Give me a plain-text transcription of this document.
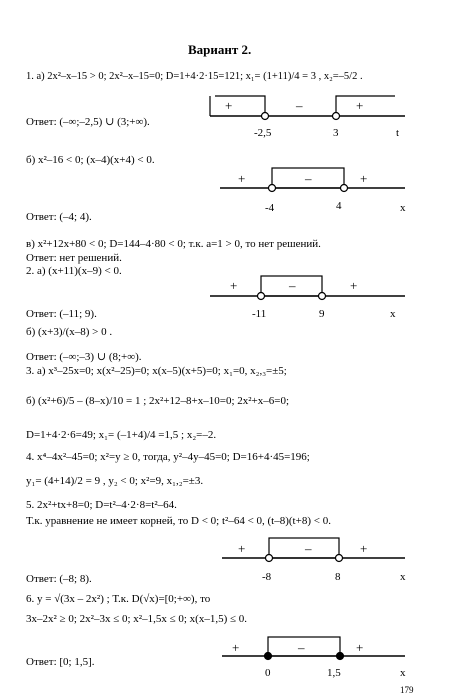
Вариант 2.
1. а) 2x²–x–15 > 0; 2x²–x–15=0; D=1+4·2·15=121; x₁= (1+11)/4 = 3 , x₂=–5/2 .
Ответ: (–∞;–2,5) ∪ (3;+∞).
+	–	+
-2,5	3	t
б) x²–16 < 0; (x–4)(x+4) < 0.
+	–	+
-4	4	x
Ответ: (–4; 4).
в) x²+12x+80 < 0; D=144–4·80 < 0; т.к. a=1 > 0, то нет решений.
Ответ: нет решений.
2. а) (x+11)(x–9) < 0.
+	–	+
-11	9	x
Ответ: (–11; 9).
б) (x+3)/(x–8) > 0 .
Ответ: (–∞;–3) ∪ (8;+∞).
3. а) x³–25x=0; x(x²–25)=0; x(x–5)(x+5)=0; x₁=0, x₂,₃=±5;
б) (x²+6)/5 – (8–x)/10 = 1 ; 2x²+12–8+x–10=0; 2x²+x–6=0;
D=1+4·2·6=49; x₁= (–1+4)/4 =1,5 ; x₂=–2.
4. x⁴–4x²–45=0; x²=y ≥ 0, тогда, y²–4y–45=0; D=16+4·45=196;
y₁= (4+14)/2 = 9 , y₂ < 0; x²=9, x₁,₂=±3.
5. 2x²+tx+8=0; D=t²–4·2·8=t²–64.
Т.к. уравнение не имеет корней, то D < 0; t²–64 < 0, (t–8)(t+8) < 0.
+	–	+
-8	8	x
Ответ: (–8; 8).
6. y = √(3x – 2x²) ; Т.к. D(√x)=[0;+∞), то
3x–2x² ≥ 0; 2x²–3x ≤ 0; x²–1,5x ≤ 0; x(x–1,5) ≤ 0.
+	–	+
0	1,5	x
Ответ: [0; 1,5].
179
